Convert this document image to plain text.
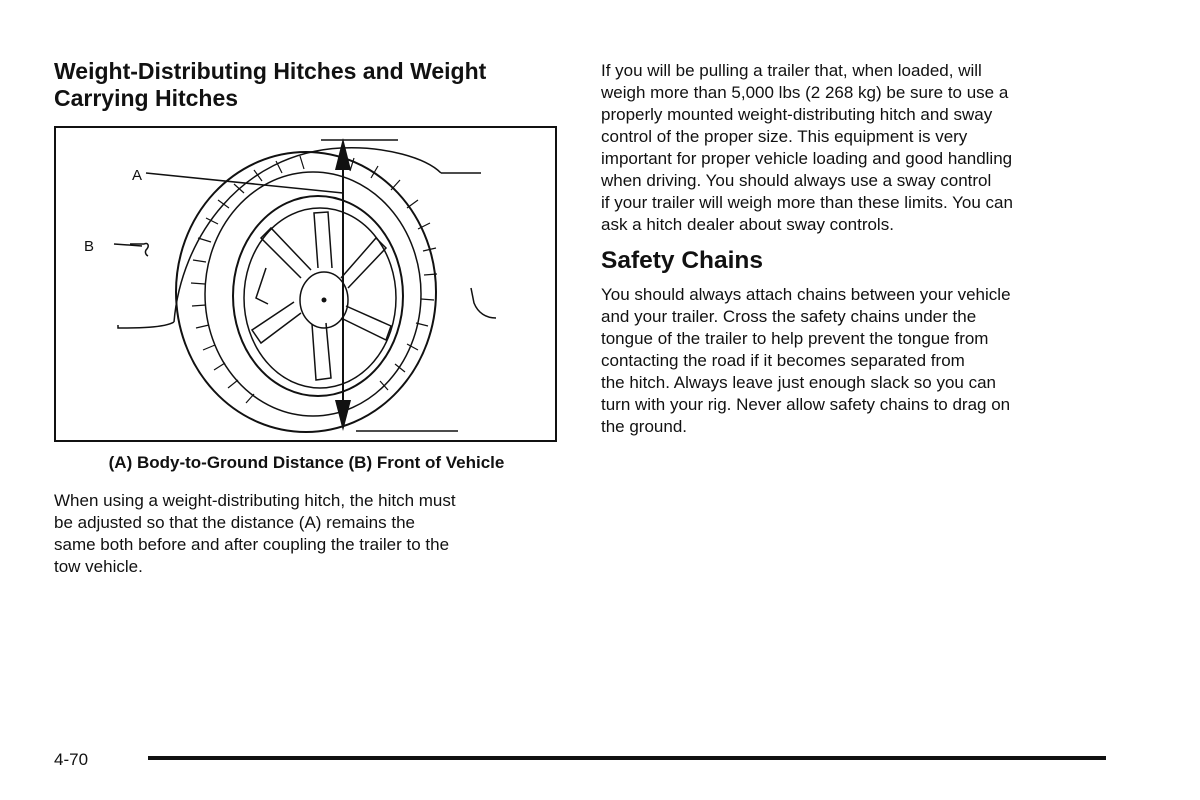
Weight-Distributing Hitches and Weight
Carrying Hitches
A
B
(A) Body-to-Ground Distance (B) Front of Vehicle

When using a weight-distributing hitch, the hitch must
be adjusted so that the distance (A) remains the
same both before and after coupling the trailer to the
tow vehicle.

If you will be pulling a trailer that, when loaded, will
weigh more than 5,000 lbs (2 268 kg) be sure to use a
properly mounted weight-distributing hitch and sway
control of the proper size. This equipment is very
important for proper vehicle loading and good handling
when driving. You should always use a sway control
if your trailer will weigh more than these limits. You can
ask a hitch dealer about sway controls.

Safety Chains

You should always attach chains between your vehicle
and your trailer. Cross the safety chains under the
tongue of the trailer to help prevent the tongue from
contacting the road if it becomes separated from
the hitch. Always leave just enough slack so you can
turn with your rig. Never allow safety chains to drag on
the ground.

4-70
